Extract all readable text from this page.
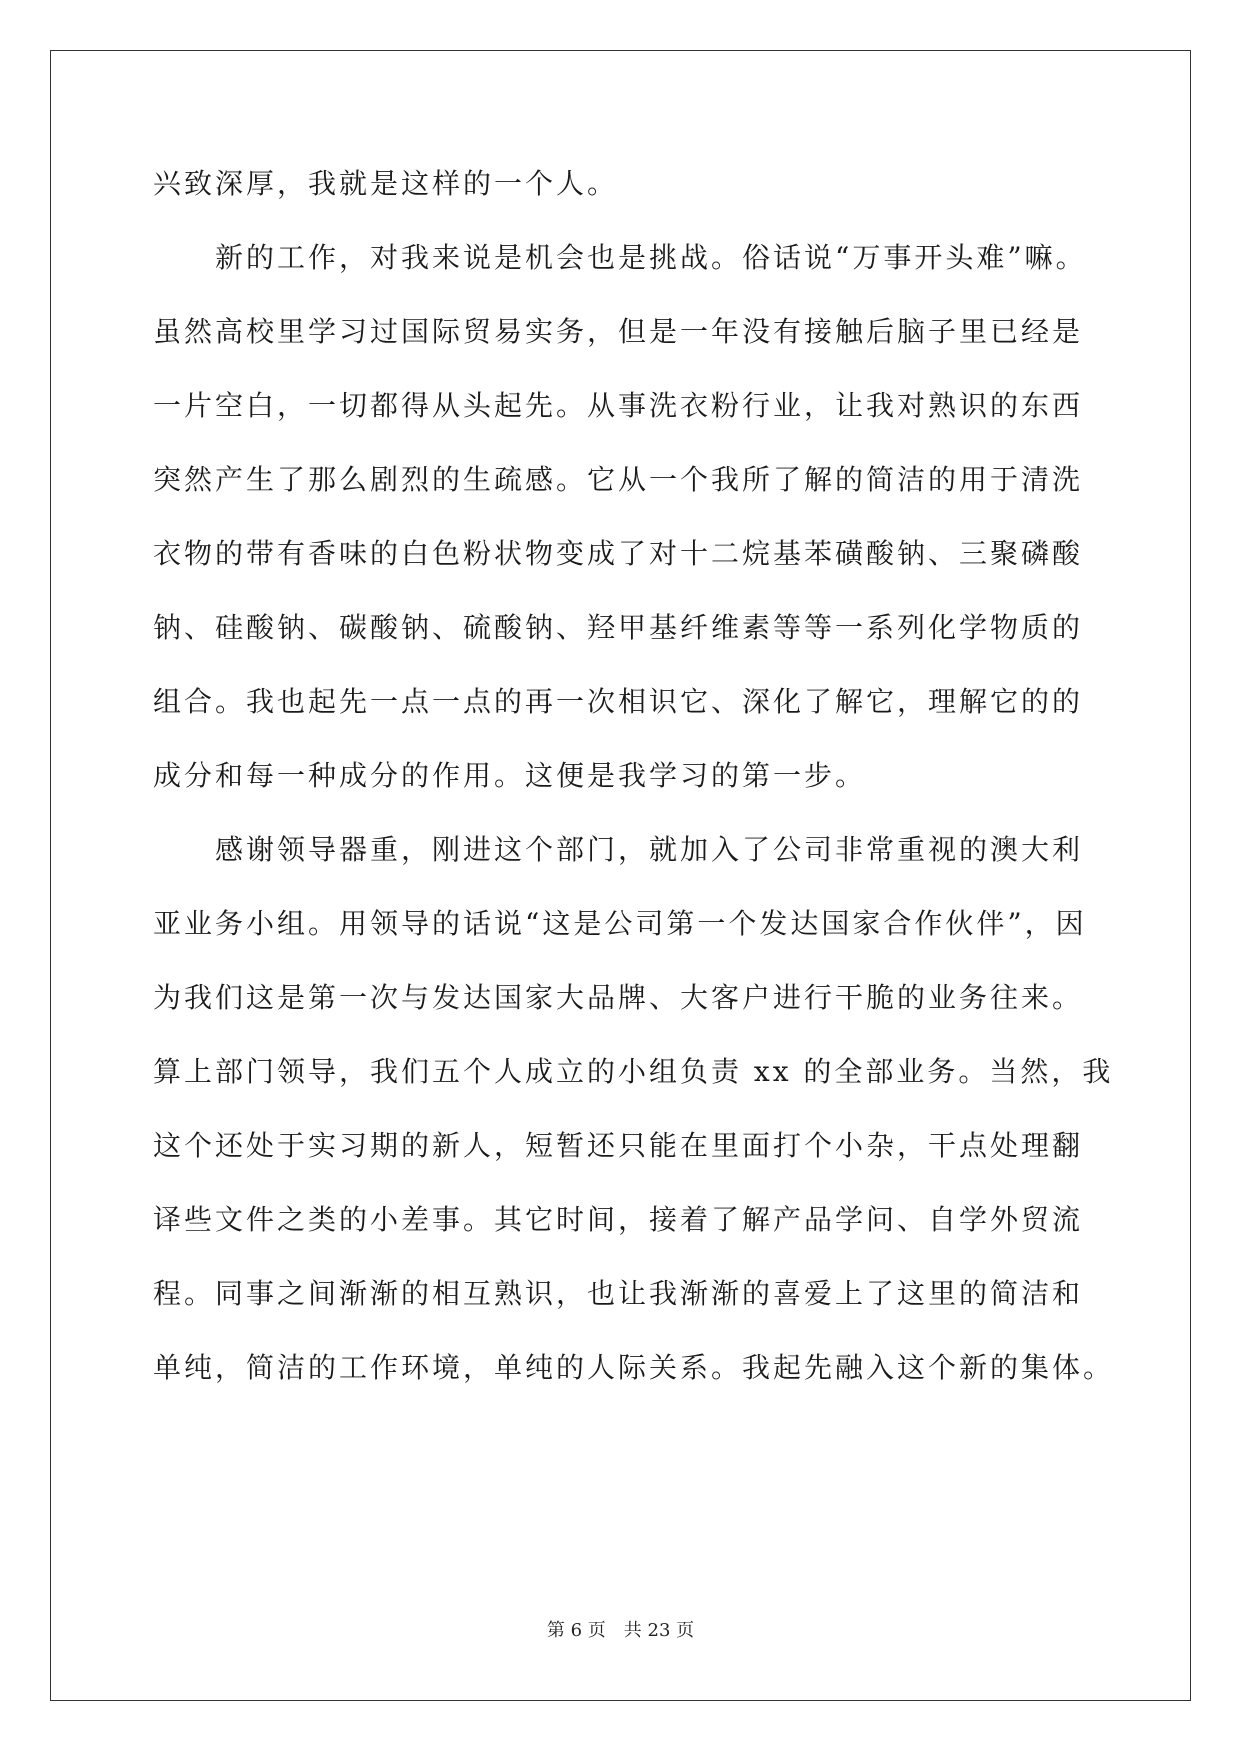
兴致深厚，我就是这样的一个人。
新的工作，对我来说是机会也是挑战。俗话说“万事开头难”嘛。
虽然高校里学习过国际贸易实务，但是一年没有接触后脑子里已经是
一片空白，一切都得从头起先。从事洗衣粉行业，让我对熟识的东西
突然产生了那么剧烈的生疏感。它从一个我所了解的简洁的用于清洗
衣物的带有香味的白色粉状物变成了对十二烷基苯磺酸钠、三聚磷酸
钠、硅酸钠、碳酸钠、硫酸钠、羟甲基纤维素等等一系列化学物质的
组合。我也起先一点一点的再一次相识它、深化了解它，理解它的的
成分和每一种成分的作用。这便是我学习的第一步。
感谢领导器重，刚进这个部门，就加入了公司非常重视的澳大利
亚业务小组。用领导的话说“这是公司第一个发达国家合作伙伴”，因
为我们这是第一次与发达国家大品牌、大客户进行干脆的业务往来。
算上部门领导，我们五个人成立的小组负责 xx 的全部业务。当然，我
这个还处于实习期的新人，短暂还只能在里面打个小杂，干点处理翻
译些文件之类的小差事。其它时间，接着了解产品学问、自学外贸流
程。同事之间渐渐的相互熟识，也让我渐渐的喜爱上了这里的简洁和
单纯，简洁的工作环境，单纯的人际关系。我起先融入这个新的集体。
第 6 页　共 23 页
